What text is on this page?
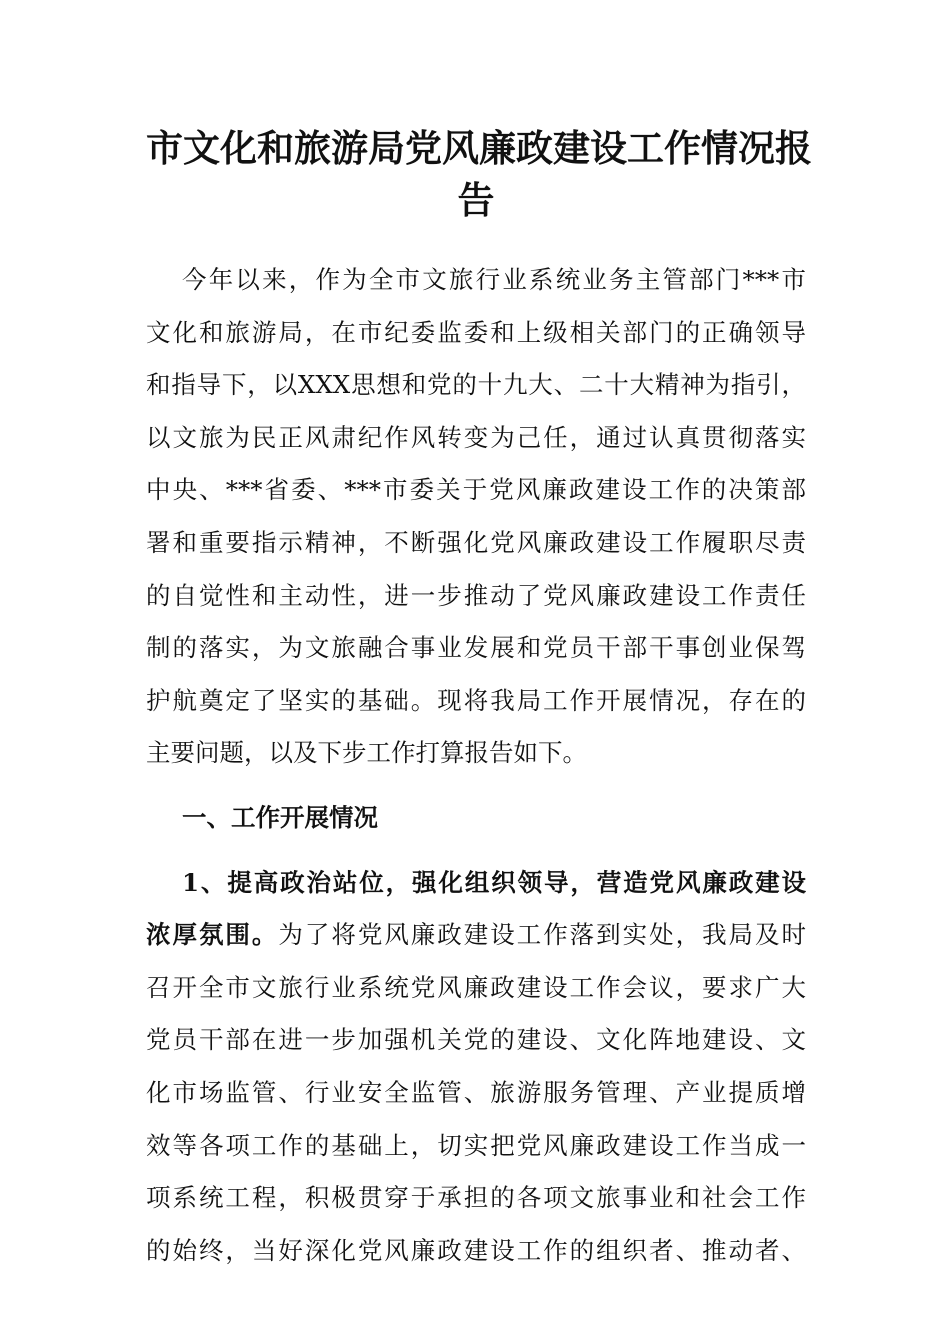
市文化和旅游局党风廉政建设工作情况报
告
今年以来，作为全市文旅行业系统业务主管部门***市
文化和旅游局，在市纪委监委和上级相关部门的正确领导
和指导下，以XXX思想和党的十九大、二十大精神为指引，
以文旅为民正风肃纪作风转变为己任，通过认真贯彻落实
中央、***省委、***市委关于党风廉政建设工作的决策部
署和重要指示精神，不断强化党风廉政建设工作履职尽责
的自觉性和主动性，进一步推动了党风廉政建设工作责任
制的落实，为文旅融合事业发展和党员干部干事创业保驾
护航奠定了坚实的基础。现将我局工作开展情况，存在的
主要问题，以及下步工作打算报告如下。
一、工作开展情况
1、提高政治站位，强化组织领导，营造党风廉政建设
浓厚氛围。为了将党风廉政建设工作落到实处，我局及时
召开全市文旅行业系统党风廉政建设工作会议，要求广大
党员干部在进一步加强机关党的建设、文化阵地建设、文
化市场监管、行业安全监管、旅游服务管理、产业提质增
效等各项工作的基础上，切实把党风廉政建设工作当成一
项系统工程，积极贯穿于承担的各项文旅事业和社会工作
的始终，当好深化党风廉政建设工作的组织者、推动者、
